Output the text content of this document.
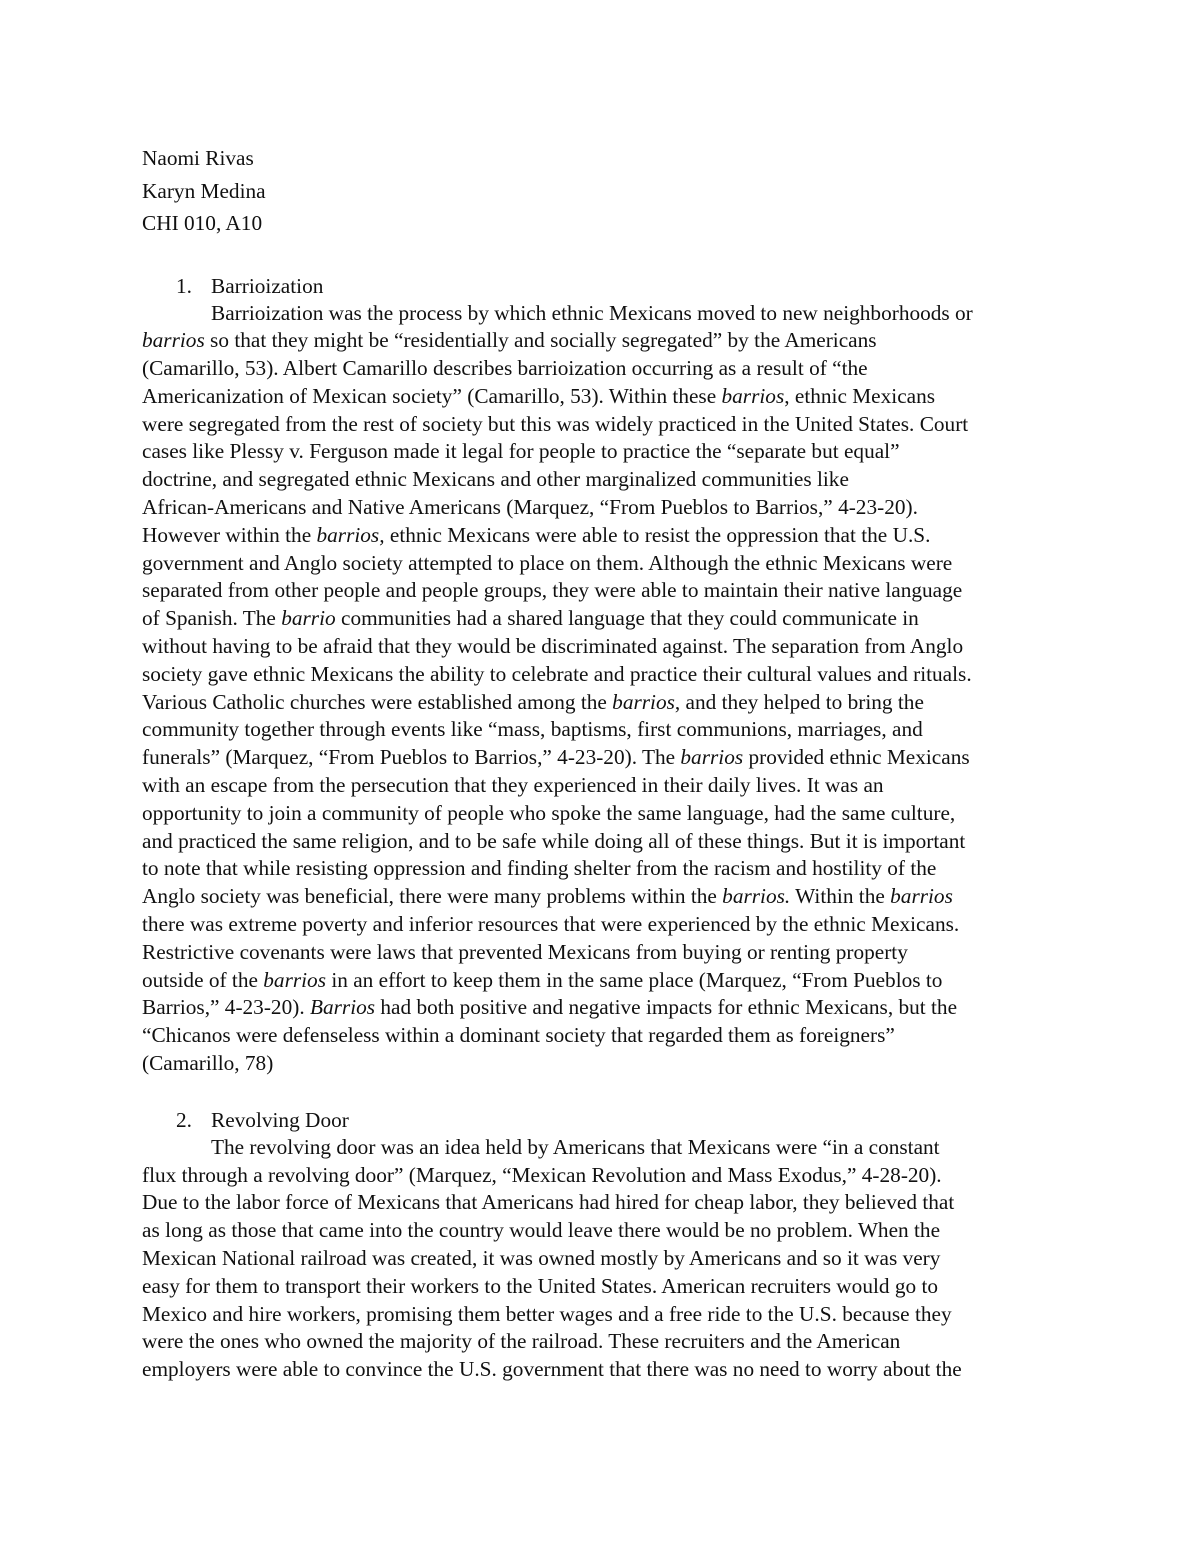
Naomi Rivas
Karyn Medina
CHI 010, A10
1. Barrioization
Barrioization was the process by which ethnic Mexicans moved to new neighborhoods or
barrios so that they might be “residentially and socially segregated” by the Americans
(Camarillo, 53). Albert Camarillo describes barrioization occurring as a result of “the
Americanization of Mexican society” (Camarillo, 53). Within these barrios, ethnic Mexicans
were segregated from the rest of society but this was widely practiced in the United States. Court
cases like Plessy v. Ferguson made it legal for people to practice the “separate but equal”
doctrine, and segregated ethnic Mexicans and other marginalized communities like
African-Americans and Native Americans (Marquez, “From Pueblos to Barrios,” 4-23-20).
However within the barrios, ethnic Mexicans were able to resist the oppression that the U.S.
government and Anglo society attempted to place on them. Although the ethnic Mexicans were
separated from other people and people groups, they were able to maintain their native language
of Spanish. The barrio communities had a shared language that they could communicate in
without having to be afraid that they would be discriminated against. The separation from Anglo
society gave ethnic Mexicans the ability to celebrate and practice their cultural values and rituals.
Various Catholic churches were established among the barrios, and they helped to bring the
community together through events like “mass, baptisms, first communions, marriages, and
funerals” (Marquez, “From Pueblos to Barrios,” 4-23-20). The barrios provided ethnic Mexicans
with an escape from the persecution that they experienced in their daily lives. It was an
opportunity to join a community of people who spoke the same language, had the same culture,
and practiced the same religion, and to be safe while doing all of these things. But it is important
to note that while resisting oppression and finding shelter from the racism and hostility of the
Anglo society was beneficial, there were many problems within the barrios. Within the barrios
there was extreme poverty and inferior resources that were experienced by the ethnic Mexicans.
Restrictive covenants were laws that prevented Mexicans from buying or renting property
outside of the barrios in an effort to keep them in the same place (Marquez, “From Pueblos to
Barrios,” 4-23-20). Barrios had both positive and negative impacts for ethnic Mexicans, but the
“Chicanos were defenseless within a dominant society that regarded them as foreigners”
(Camarillo, 78)
2. Revolving Door
The revolving door was an idea held by Americans that Mexicans were “in a constant
flux through a revolving door” (Marquez, “Mexican Revolution and Mass Exodus,” 4-28-20).
Due to the labor force of Mexicans that Americans had hired for cheap labor, they believed that
as long as those that came into the country would leave there would be no problem. When the
Mexican National railroad was created, it was owned mostly by Americans and so it was very
easy for them to transport their workers to the United States. American recruiters would go to
Mexico and hire workers, promising them better wages and a free ride to the U.S. because they
were the ones who owned the majority of the railroad. These recruiters and the American
employers were able to convince the U.S. government that there was no need to worry about the
